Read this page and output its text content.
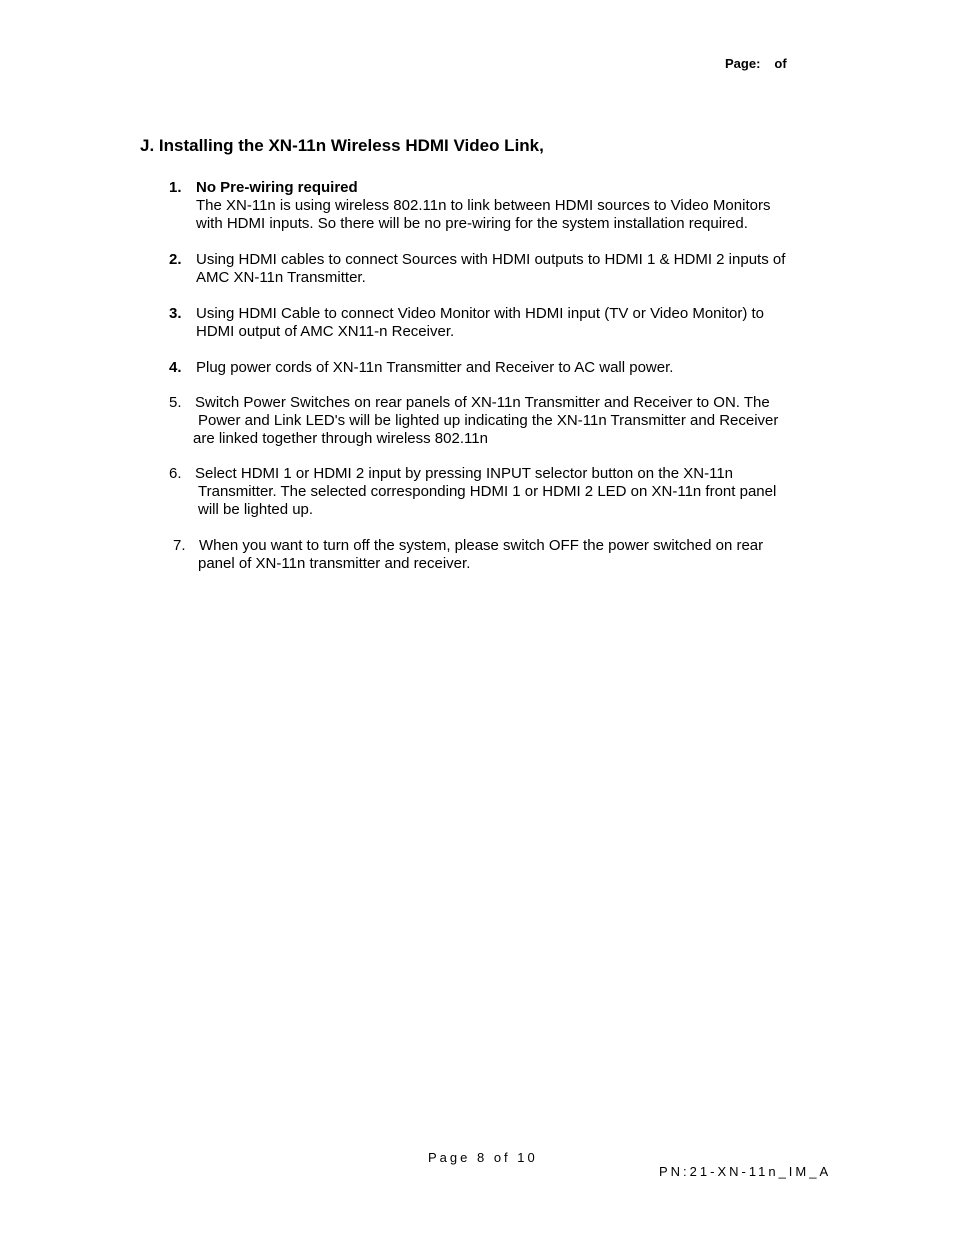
Page: of
J. Installing the XN-11n Wireless HDMI Video Link,
1. No Pre-wiring required
The XN-11n is using wireless 802.11n to link between HDMI sources to Video Monitors
with HDMI inputs. So there will be no pre-wiring for the system installation required.
2. Using HDMI cables to connect Sources with HDMI outputs to HDMI 1 & HDMI 2 inputs of
AMC XN-11n Transmitter.
3. Using HDMI Cable to connect Video Monitor with HDMI input (TV or Video Monitor) to
HDMI output of AMC XN11-n Receiver.
4. Plug power cords of XN-11n Transmitter and Receiver to AC wall power.
5. Switch Power Switches on rear panels of XN-11n Transmitter and Receiver to ON. The
Power and Link LED's will be lighted up indicating the XN-11n Transmitter and Receiver
are linked together through wireless 802.11n
6. Select HDMI 1 or HDMI 2 input by pressing INPUT selector button on the XN-11n
Transmitter. The selected corresponding HDMI 1 or HDMI 2 LED on XN-11n front panel
will be lighted up.
7. When you want to turn off the system, please switch OFF the power switched on rear
panel of XN-11n transmitter and receiver.
Page 8 of 10
PN:21-XN-11n_IM_A
